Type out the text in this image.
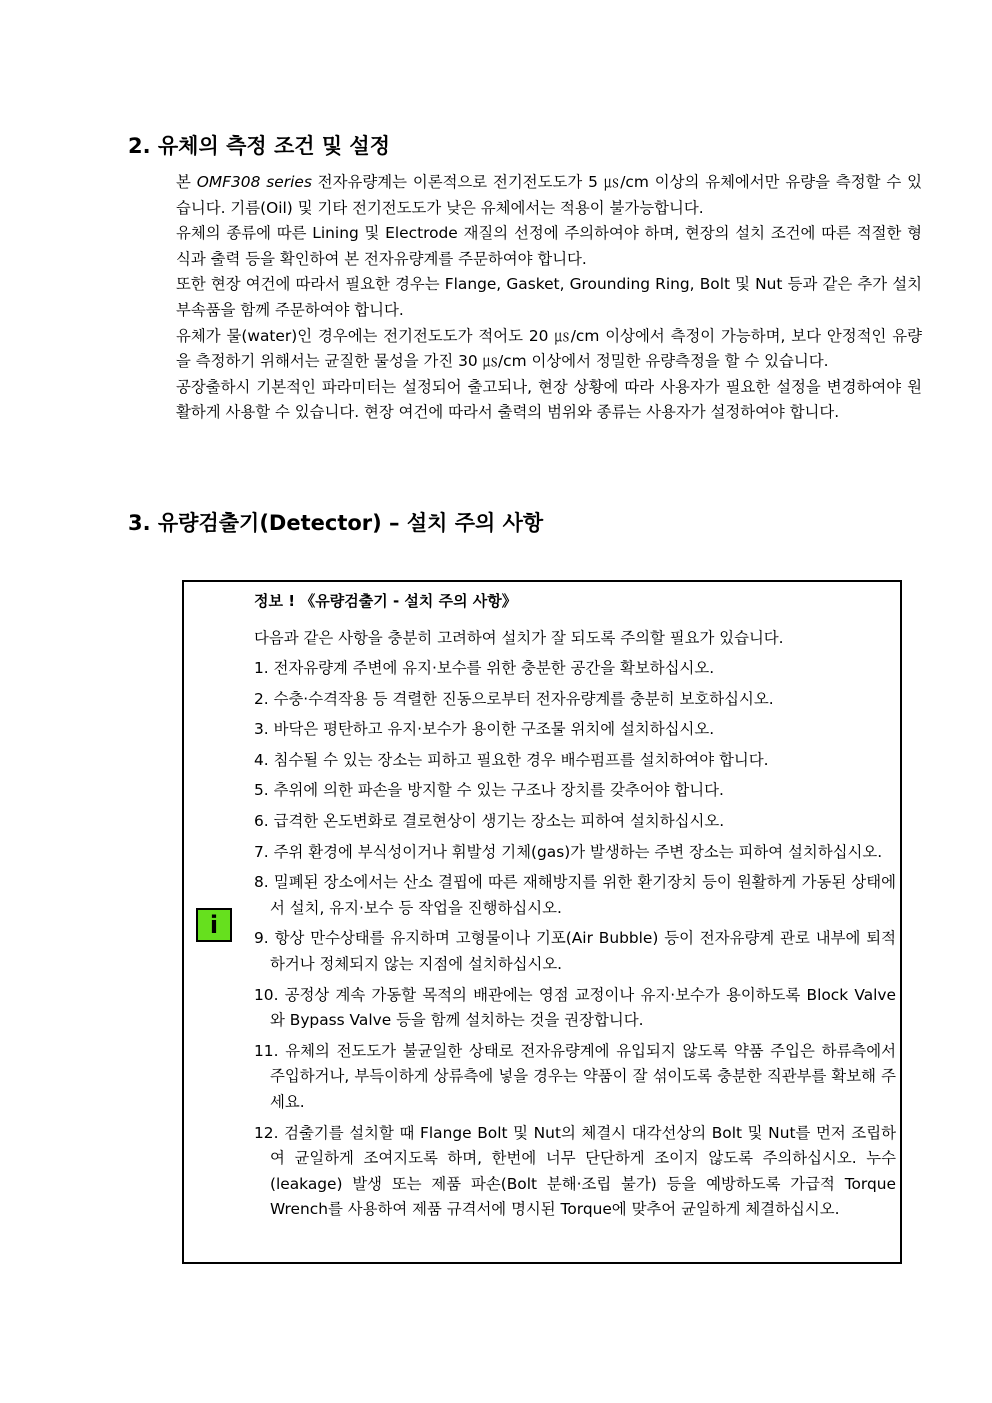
2. 유체의 측정 조건 및 설정

본 OMF308 series 전자유량계는 이론적으로 전기전도도가 5 ㎲/cm 이상의 유체에서만 유량을 측정할 수 있습니다. 기름(Oil) 및 기타 전기전도도가 낮은 유체에서는 적용이 불가능합니다.

유체의 종류에 따른 Lining 및 Electrode 재질의 선정에 주의하여야 하며, 현장의 설치 조건에 따른 적절한 형식과 출력 등을 확인하여 본 전자유량계를 주문하여야 합니다.

또한 현장 여건에 따라서 필요한 경우는 Flange, Gasket, Grounding Ring, Bolt 및 Nut 등과 같은 추가 설치 부속품을 함께 주문하여야 합니다.

유체가 물(water)인 경우에는 전기전도도가 적어도 20 ㎲/cm 이상에서 측정이 가능하며, 보다 안정적인 유량을 측정하기 위해서는 균질한 물성을 가진 30 ㎲/cm 이상에서 정밀한 유량측정을 할 수 있습니다.

공장출하시 기본적인 파라미터는 설정되어 출고되나, 현장 상황에 따라 사용자가 필요한 설정을 변경하여야 원활하게 사용할 수 있습니다. 현장 여건에 따라서 출력의 범위와 종류는 사용자가 설정하여야 합니다.

3. 유량검출기(Detector) – 설치 주의 사항
i

정보 ! 《유량검출기 - 설치 주의 사항》

다음과 같은 사항을 충분히 고려하여 설치가 잘 되도록 주의할 필요가 있습니다.

1. 전자유량계 주변에 유지·보수를 위한 충분한 공간을 확보하십시오.
2. 수충·수격작용 등 격렬한 진동으로부터 전자유량계를 충분히 보호하십시오.
3. 바닥은 평탄하고 유지·보수가 용이한 구조물 위치에 설치하십시오.
4. 침수될 수 있는 장소는 피하고 필요한 경우 배수펌프를 설치하여야 합니다.
5. 추위에 의한 파손을 방지할 수 있는 구조나 장치를 갖추어야 합니다.
6. 급격한 온도변화로 결로현상이 생기는 장소는 피하여 설치하십시오.
7. 주위 환경에 부식성이거나 휘발성 기체(gas)가 발생하는 주변 장소는 피하여 설치하십시오.
8. 밀폐된 장소에서는 산소 결핍에 따른 재해방지를 위한 환기장치 등이 원활하게 가동된 상태에서 설치, 유지·보수 등 작업을 진행하십시오.
9. 항상 만수상태를 유지하며 고형물이나 기포(Air Bubble) 등이 전자유량계 관로 내부에 퇴적하거나 정체되지 않는 지점에 설치하십시오.
10. 공정상 계속 가동할 목적의 배관에는 영점 교정이나 유지·보수가 용이하도록 Block Valve와 Bypass Valve 등을 함께 설치하는 것을 권장합니다.
11. 유체의 전도도가 불균일한 상태로 전자유량계에 유입되지 않도록 약품 주입은 하류측에서 주입하거나, 부득이하게 상류측에 넣을 경우는 약품이 잘 섞이도록 충분한 직관부를 확보해 주세요.
12. 검출기를 설치할 때 Flange Bolt 및 Nut의 체결시 대각선상의 Bolt 및 Nut를 먼저 조립하여 균일하게 조여지도록 하며, 한번에 너무 단단하게 조이지 않도록 주의하십시오. 누수(leakage) 발생 또는 제품 파손(Bolt 분해·조립 불가) 등을 예방하도록 가급적 Torque Wrench를 사용하여 제품 규격서에 명시된 Torque에 맞추어 균일하게 체결하십시오.
